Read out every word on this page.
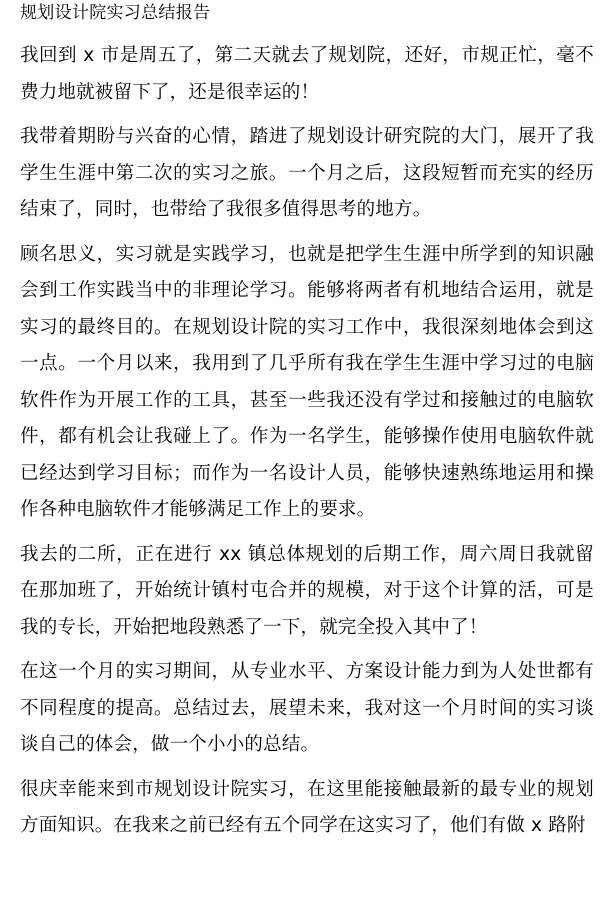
规划设计院实习总结报告

我回到 x 市是周五了，第二天就去了规划院，还好，市规正忙，毫不费力地就被留下了，还是很幸运的！

我带着期盼与兴奋的心情，踏进了规划设计研究院的大门，展开了我学生生涯中第二次的实习之旅。一个月之后，这段短暂而充实的经历结束了，同时，也带给了我很多值得思考的地方。

顾名思义，实习就是实践学习，也就是把学生生涯中所学到的知识融会到工作实践当中的非理论学习。能够将两者有机地结合运用，就是实习的最终目的。在规划设计院的实习工作中，我很深刻地体会到这一点。一个月以来，我用到了几乎所有我在学生生涯中学习过的电脑软件作为开展工作的工具，甚至一些我还没有学过和接触过的电脑软件，都有机会让我碰上了。作为一名学生，能够操作使用电脑软件就已经达到学习目标；而作为一名设计人员，能够快速熟练地运用和操作各种电脑软件才能够满足工作上的要求。

我去的二所，正在进行 xx 镇总体规划的后期工作，周六周日我就留在那加班了，开始统计镇村屯合并的规模，对于这个计算的活，可是我的专长，开始把地段熟悉了一下，就完全投入其中了！

在这一个月的实习期间，从专业水平、方案设计能力到为人处世都有不同程度的提高。总结过去，展望未来，我对这一个月时间的实习谈谈自己的体会，做一个小小的总结。

很庆幸能来到市规划设计院实习，在这里能接触最新的最专业的规划方面知识。在我来之前已经有五个同学在这实习了，他们有做 x 路附
